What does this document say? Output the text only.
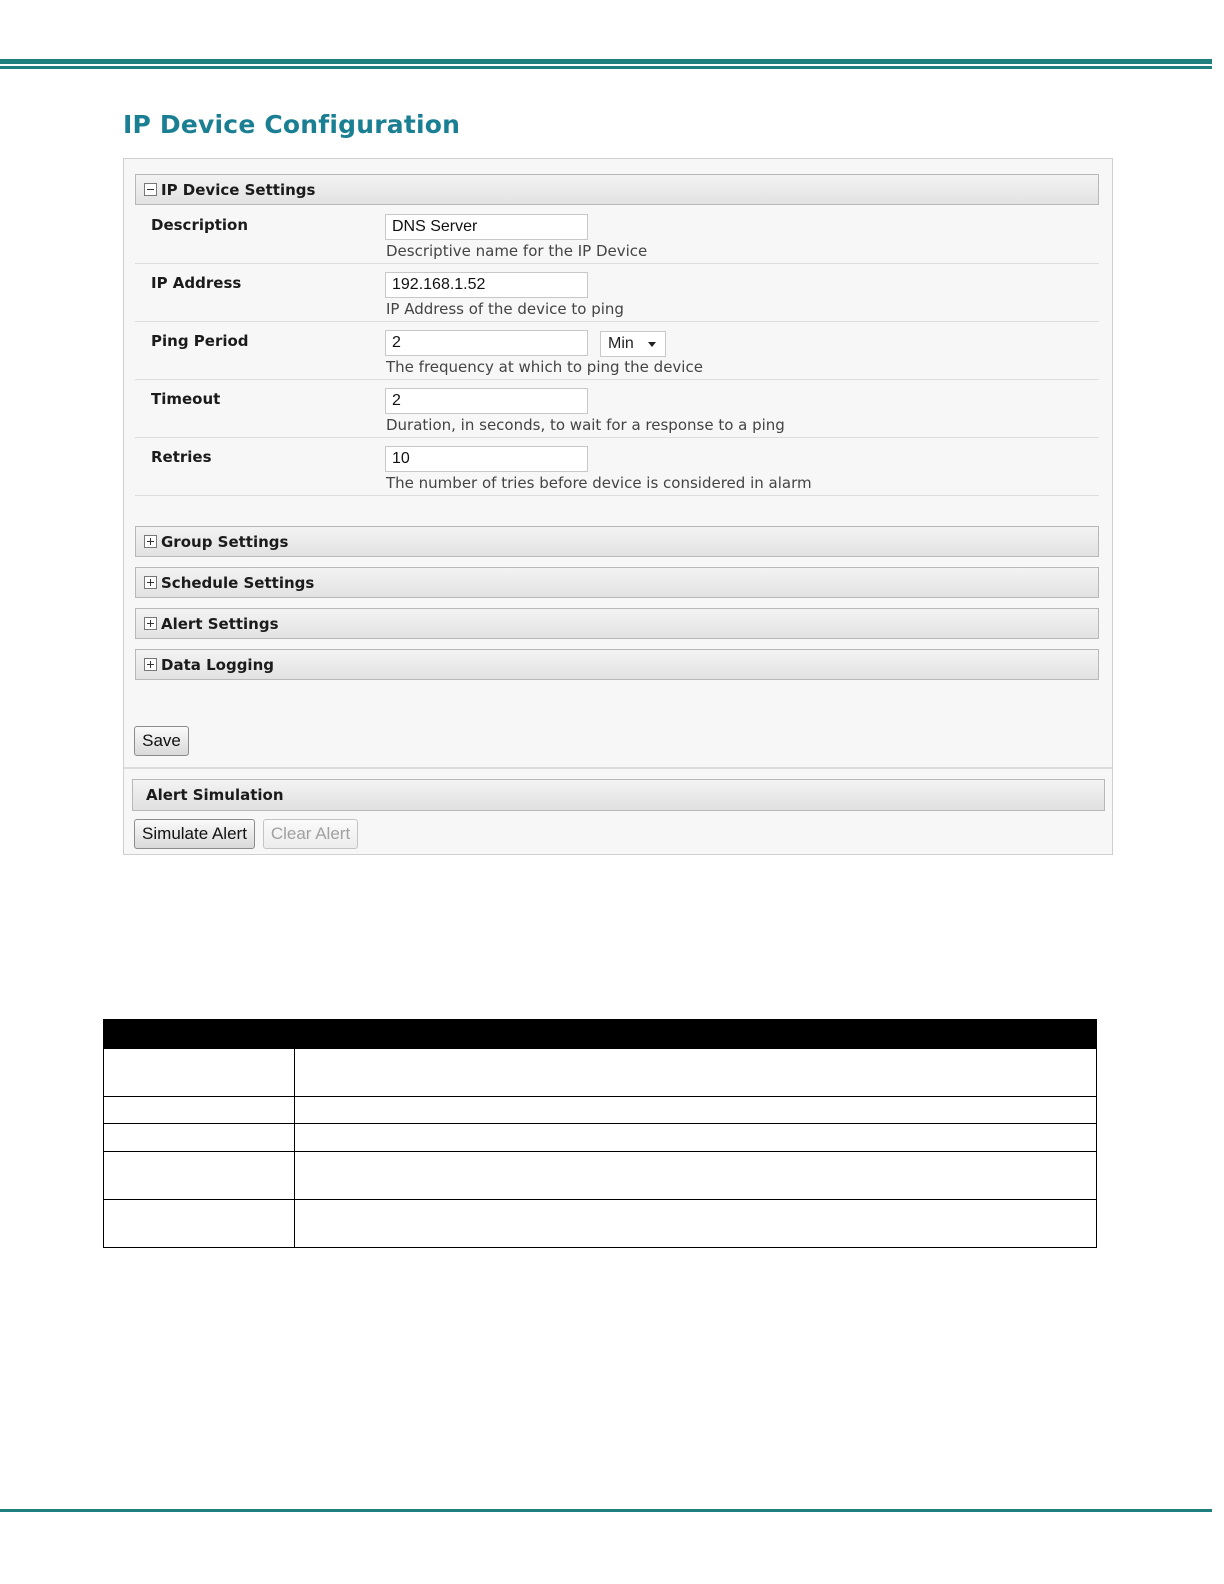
IP Device Configuration
IP Device Settings
Description
DNS Server
Descriptive name for the IP Device
IP Address
192.168.1.52
IP Address of the device to ping
Ping Period
2	Min
The frequency at which to ping the device
Timeout
2
Duration, in seconds, to wait for a response to a ping
Retries
10
The number of tries before device is considered in alarm
Group Settings
Schedule Settings
Alert Settings
Data Logging
Save
Alert Simulation
Simulate Alert	Clear Alert
